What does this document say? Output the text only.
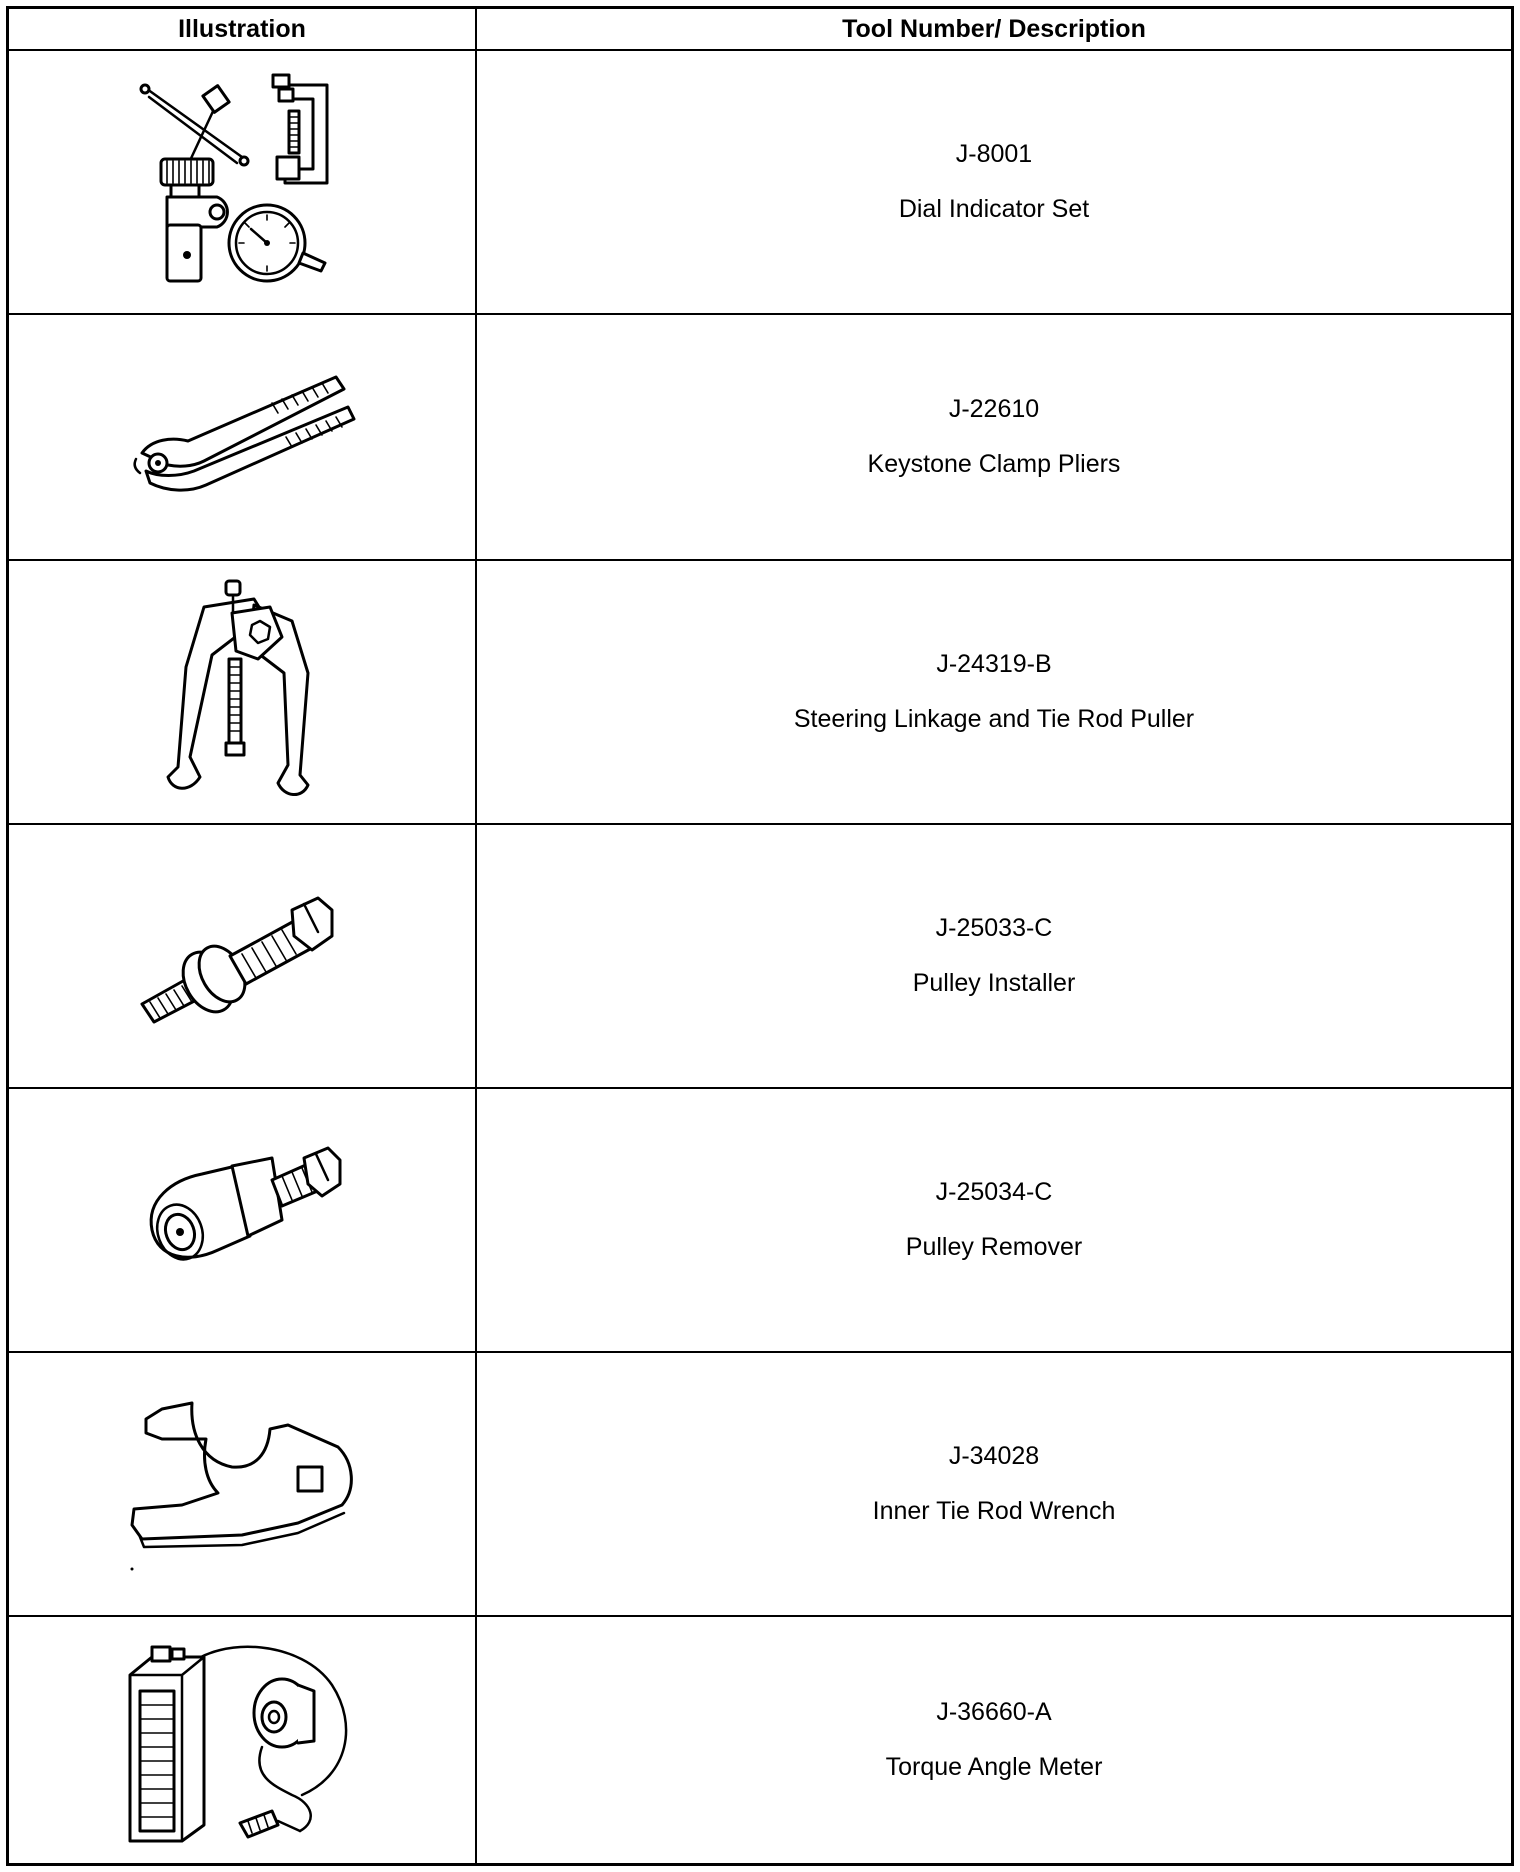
Illustration	Tool Number/ Description
J-8001
Dial Indicator Set
J-22610
Keystone Clamp Pliers
J-24319-B
Steering Linkage and Tie Rod Puller
J-25033-C
Pulley Installer
J-25034-C
Pulley Remover
J-34028
Inner Tie Rod Wrench
J-36660-A
Torque Angle Meter
